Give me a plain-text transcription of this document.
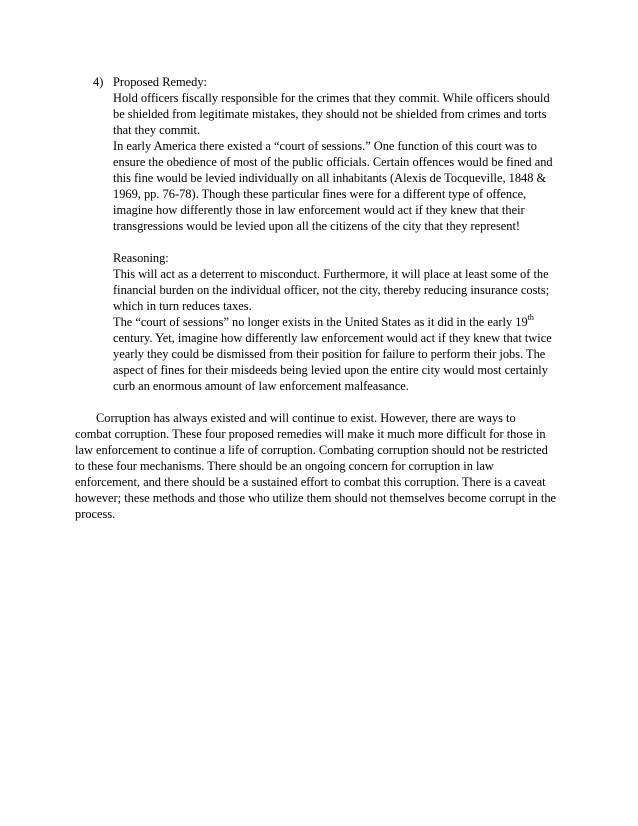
4) Proposed Remedy:
Hold officers fiscally responsible for the crimes that they commit. While officers should
be shielded from legitimate mistakes, they should not be shielded from crimes and torts
that they commit.
In early America there existed a “court of sessions.” One function of this court was to
ensure the obedience of most of the public officials. Certain offences would be fined and
this fine would be levied individually on all inhabitants (Alexis de Tocqueville, 1848 &
1969, pp. 76-78). Though these particular fines were for a different type of offence,
imagine how differently those in law enforcement would act if they knew that their
transgressions would be levied upon all the citizens of the city that they represent!
Reasoning:
This will act as a deterrent to misconduct. Furthermore, it will place at least some of the
financial burden on the individual officer, not the city, thereby reducing insurance costs;
which in turn reduces taxes.
The “court of sessions” no longer exists in the United States as it did in the early 19th
century. Yet, imagine how differently law enforcement would act if they knew that twice
yearly they could be dismissed from their position for failure to perform their jobs. The
aspect of fines for their misdeeds being levied upon the entire city would most certainly
curb an enormous amount of law enforcement malfeasance.
Corruption has always existed and will continue to exist. However, there are ways to
combat corruption. These four proposed remedies will make it much more difficult for those in
law enforcement to continue a life of corruption. Combating corruption should not be restricted
to these four mechanisms. There should be an ongoing concern for corruption in law
enforcement, and there should be a sustained effort to combat this corruption. There is a caveat
however; these methods and those who utilize them should not themselves become corrupt in the
process.
